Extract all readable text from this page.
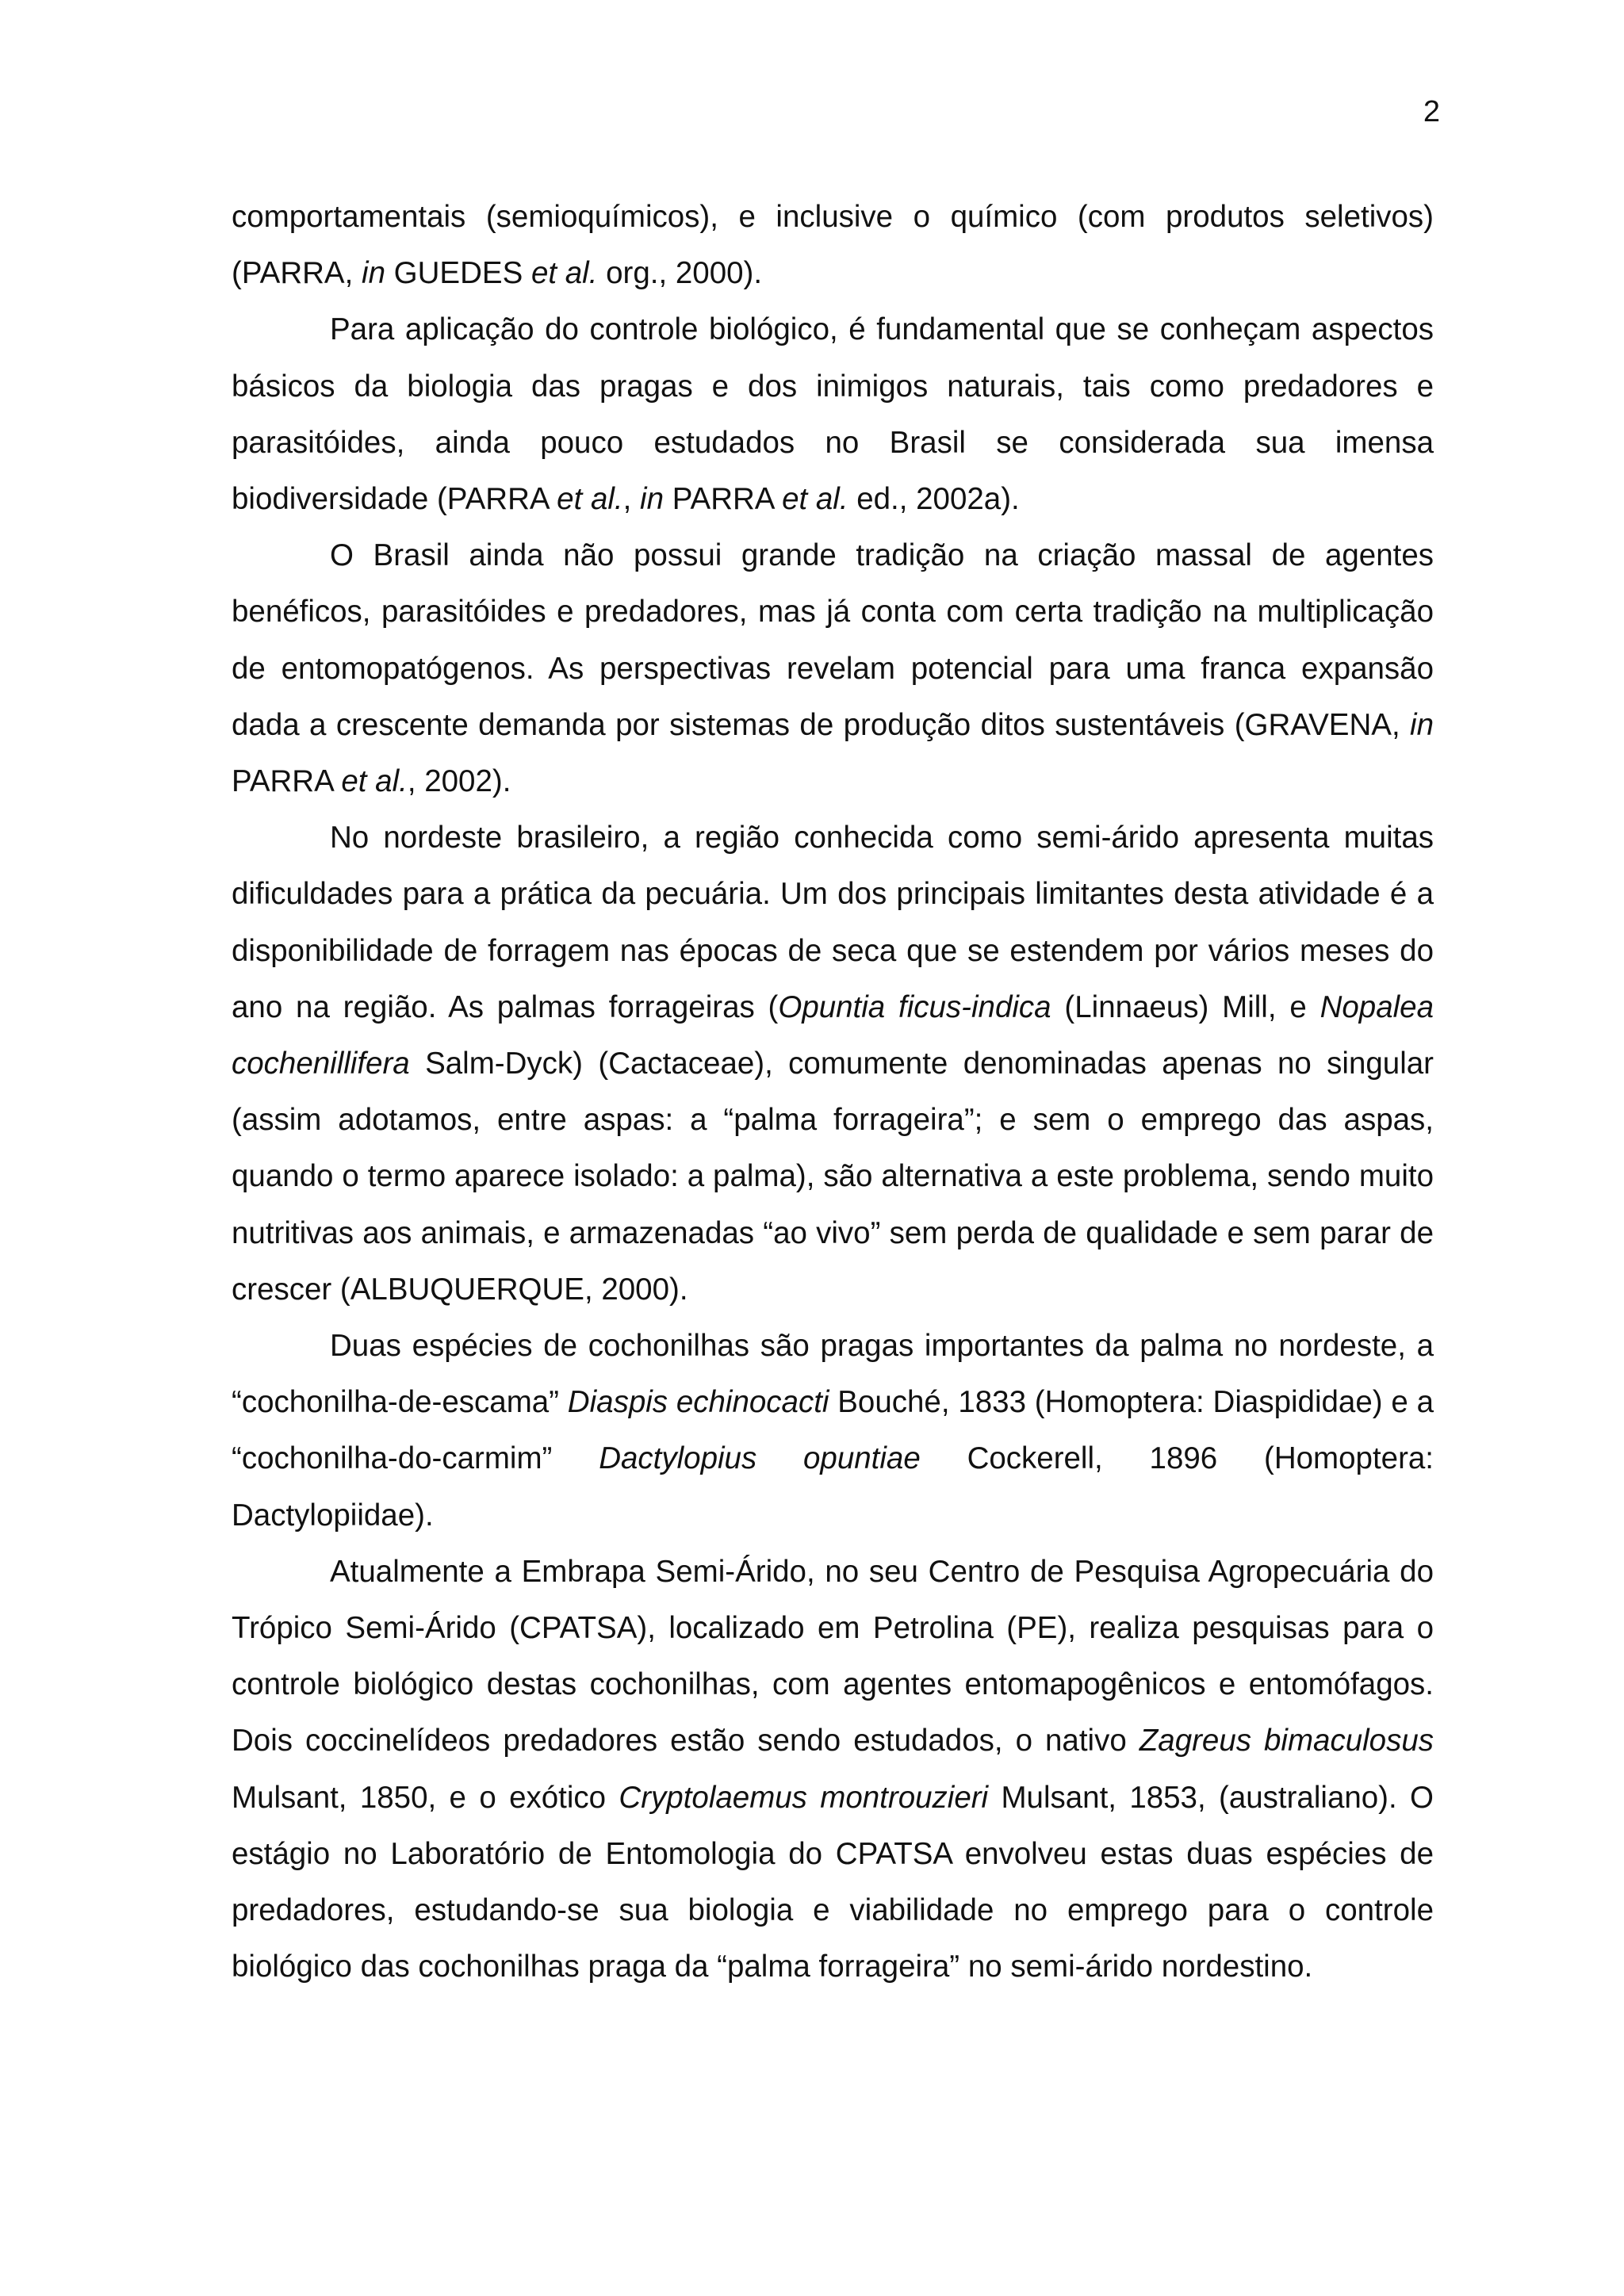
2

comportamentais (semioquímicos), e inclusive o químico (com produtos seletivos) (PARRA, in GUEDES et al. org., 2000).

Para aplicação do controle biológico, é fundamental que se conheçam aspectos básicos da biologia das pragas e dos inimigos naturais, tais como predadores e parasitóides, ainda pouco estudados no Brasil se considerada sua imensa biodiversidade (PARRA et al., in PARRA et al. ed., 2002a).

O Brasil ainda não possui grande tradição na criação massal de agentes benéficos, parasitóides e predadores, mas já conta com certa tradição na multiplicação de entomopatógenos. As perspectivas revelam potencial para uma franca expansão dada a crescente demanda por sistemas de produção ditos sustentáveis (GRAVENA, in PARRA et al., 2002).

No nordeste brasileiro, a região conhecida como semi-árido apresenta muitas dificuldades para a prática da pecuária. Um dos principais limitantes desta atividade é a disponibilidade de forragem nas épocas de seca que se estendem por vários meses do ano na região. As palmas forrageiras (Opuntia ficus-indica (Linnaeus) Mill, e Nopalea cochenillifera Salm-Dyck) (Cactaceae), comumente denominadas apenas no singular (assim adotamos, entre aspas: a “palma forrageira”; e sem o emprego das aspas, quando o termo aparece isolado: a palma), são alternativa a este problema, sendo muito nutritivas aos animais, e armazenadas “ao vivo” sem perda de qualidade e sem parar de crescer (ALBUQUERQUE, 2000).

Duas espécies de cochonilhas são pragas importantes da palma no nordeste, a “cochonilha-de-escama” Diaspis echinocacti Bouché, 1833 (Homoptera: Diaspididae) e a “cochonilha-do-carmim” Dactylopius opuntiae Cockerell, 1896 (Homoptera: Dactylopiidae).

Atualmente a Embrapa Semi-Árido, no seu Centro de Pesquisa Agropecuária do Trópico Semi-Árido (CPATSA), localizado em Petrolina (PE), realiza pesquisas para o controle biológico destas cochonilhas, com agentes entomapogênicos e entomófagos. Dois coccinelídeos predadores estão sendo estudados, o nativo Zagreus bimaculosus Mulsant, 1850, e o exótico Cryptolaemus montrouzieri Mulsant, 1853, (australiano). O estágio no Laboratório de Entomologia do CPATSA envolveu estas duas espécies de predadores, estudando-se sua biologia e viabilidade no emprego para o controle biológico das cochonilhas praga da “palma forrageira” no semi-árido nordestino.
